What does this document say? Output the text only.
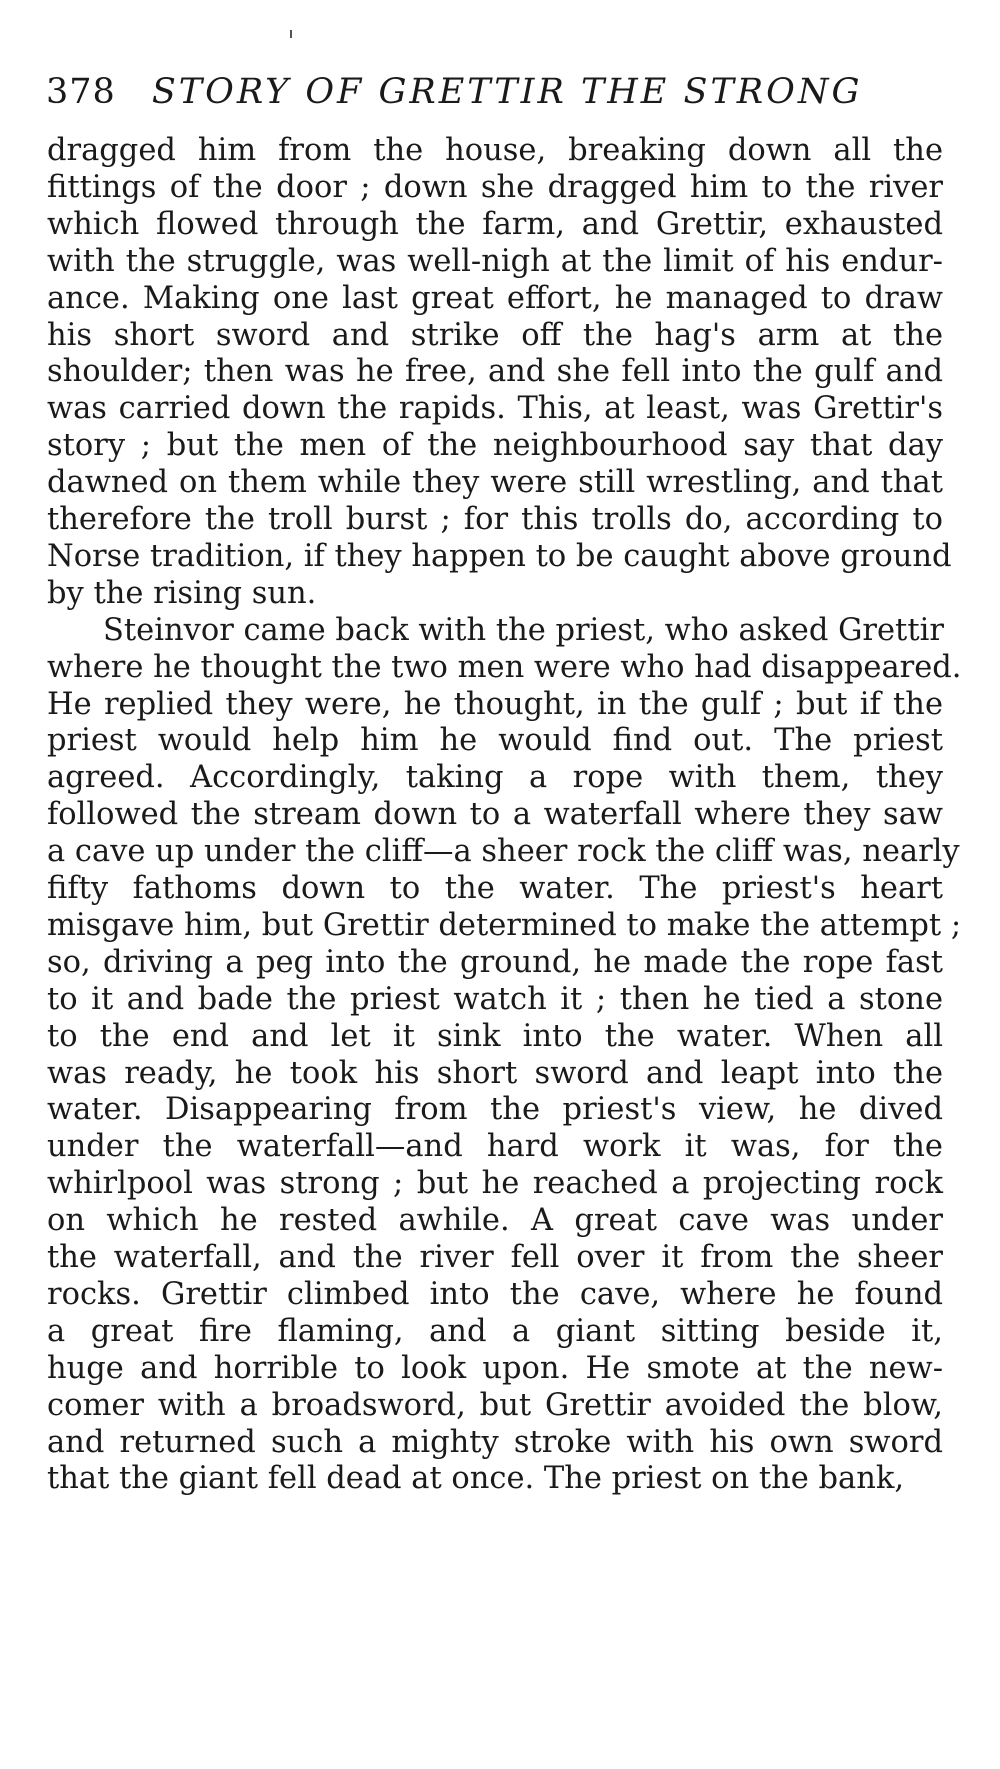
378 STORY OF GRETTIR THE STRONG
dragged him from the house, breaking down all the
fittings of the door ; down she dragged him to the river
which flowed through the farm, and Grettir, exhausted
with the struggle, was well-nigh at the limit of his endur-
ance. Making one last great effort, he managed to draw
his short sword and strike off the hag's arm at the
shoulder; then was he free, and she fell into the gulf and
was carried down the rapids. This, at least, was Grettir's
story ; but the men of the neighbourhood say that day
dawned on them while they were still wrestling, and that
therefore the troll burst ; for this trolls do, according to
Norse tradition, if they happen to be caught above ground
by the rising sun.
Steinvor came back with the priest, who asked Grettir
where he thought the two men were who had disappeared.
He replied they were, he thought, in the gulf ; but if the
priest would help him he would find out. The priest
agreed. Accordingly, taking a rope with them, they
followed the stream down to a waterfall where they saw
a cave up under the cliff—a sheer rock the cliff was, nearly
fifty fathoms down to the water. The priest's heart
misgave him, but Grettir determined to make the attempt ;
so, driving a peg into the ground, he made the rope fast
to it and bade the priest watch it ; then he tied a stone
to the end and let it sink into the water. When all
was ready, he took his short sword and leapt into the
water. Disappearing from the priest's view, he dived
under the waterfall—and hard work it was, for the
whirlpool was strong ; but he reached a projecting rock
on which he rested awhile. A great cave was under
the waterfall, and the river fell over it from the sheer
rocks. Grettir climbed into the cave, where he found
a great fire flaming, and a giant sitting beside it,
huge and horrible to look upon. He smote at the new-
comer with a broadsword, but Grettir avoided the blow,
and returned such a mighty stroke with his own sword
that the giant fell dead at once. The priest on the bank,
